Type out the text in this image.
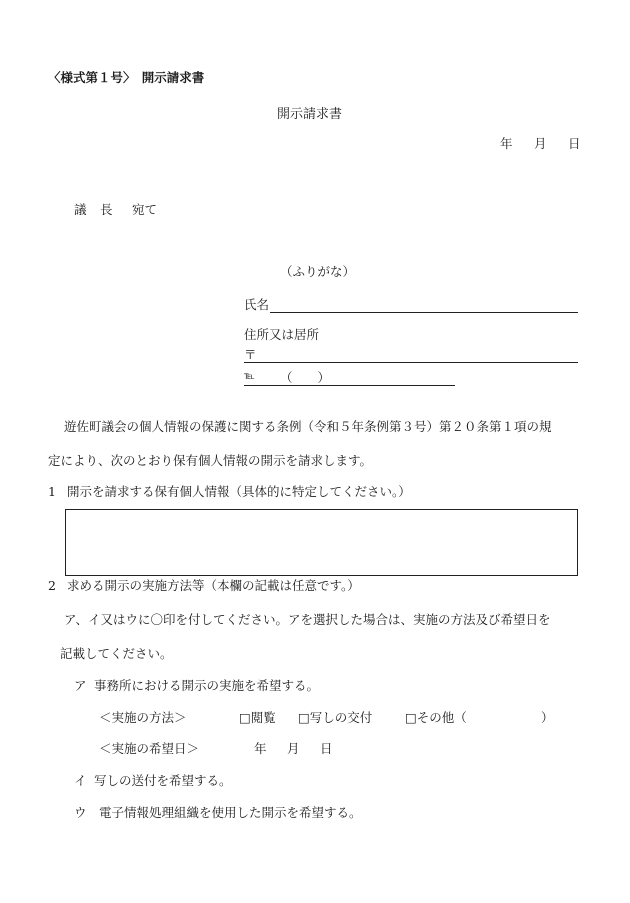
〈様式第１号〉　開示請求書
開示請求書
年 月 日
議 長 宛て
（ふりがな）
氏名
住所又は居所
〒
℡ （　　）
遊佐町議会の個人情報の保護に関する条例（令和５年条例第３号）第２０条第１項の規
定により、次のとおり保有個人情報の開示を請求します。
1 開示を請求する保有個人情報（具体的に特定してください。）
2 求める開示の実施方法等（本欄の記載は任意です。）
ア、イ又はウに〇印を付してください。アを選択した場合は、実施の方法及び希望日を
記載してください。
ア 事務所における開示の実施を希望する。
＜実施の方法＞	□閲覧 □写しの交付	□その他（	）
＜実施の希望日＞	年 月 日
イ 写しの送付を希望する。
ウ 電子情報処理組織を使用した開示を希望する。
